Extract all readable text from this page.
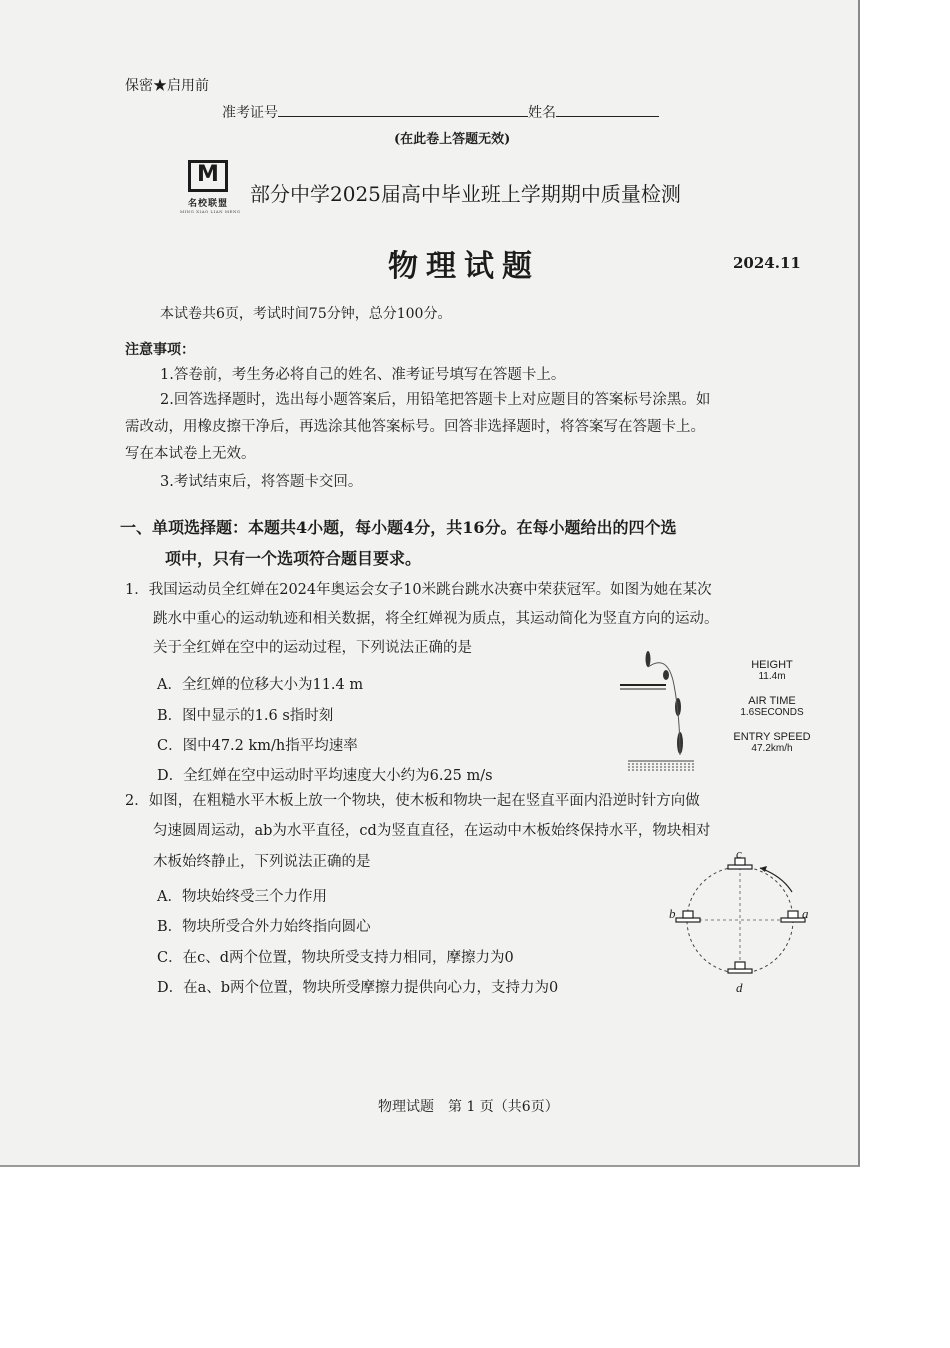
保密★启用前
准考证号	姓名
(在此卷上答题无效)
M
名校联盟
MING XIAO LIAN MENG
部分中学2025届高中毕业班上学期期中质量检测
物理试题	2024.11
本试卷共6页，考试时间75分钟，总分100分。
注意事项：
1.答卷前，考生务必将自己的姓名、准考证号填写在答题卡上。
2.回答选择题时，选出每小题答案后，用铅笔把答题卡上对应题目的答案标号涂黑。如
需改动，用橡皮擦干净后，再选涂其他答案标号。回答非选择题时，将答案写在答题卡上。
写在本试卷上无效。
3.考试结束后，将答题卡交回。
一、单项选择题：本题共4小题，每小题4分，共16分。在每小题给出的四个选
项中，只有一个选项符合题目要求。
1．我国运动员全红婵在2024年奥运会女子10米跳台跳水决赛中荣获冠军。如图为她在某次
跳水中重心的运动轨迹和相关数据，将全红婵视为质点，其运动简化为竖直方向的运动。
关于全红婵在空中的运动过程，下列说法正确的是
A．全红婵的位移大小为11.4 m
B．图中显示的1.6 s指时刻
C．图中47.2 km/h指平均速率
D．全红婵在空中运动时平均速度大小约为6.25 m/s
HEIGHT
11.4m
AIR TIME
1.6SECONDS
ENTRY SPEED
47.2km/h
2．如图，在粗糙水平木板上放一个物块，使木板和物块一起在竖直平面内沿逆时针方向做
匀速圆周运动，ab为水平直径，cd为竖直直径，在运动中木板始终保持水平，物块相对
木板始终静止，下列说法正确的是
A．物块始终受三个力作用
B．物块所受合外力始终指向圆心
C．在c、d两个位置，物块所受支持力相同，摩擦力为0
D．在a、b两个位置，物块所受摩擦力提供向心力，支持力为0
c
d
b	a
物理试题　第 1 页（共6页）
